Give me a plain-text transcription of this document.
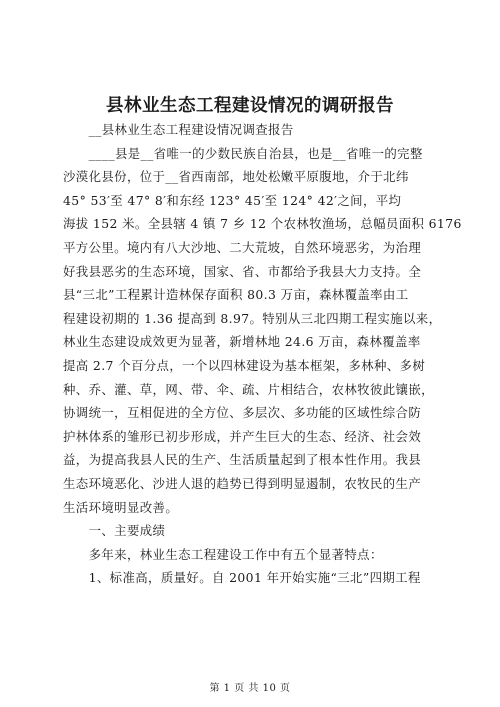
县林业生态工程建设情况的调研报告
　　__县林业生态工程建设情况调查报告
　　____县是__省唯一的少数民族自治县，也是__省唯一的完整
沙漠化县份，位于__省西南部，地处松嫩平原腹地，介于北纬
45° 53′至 47° 8′和东经 123° 45′至 124° 42′之间，平均
海拔 152 米。全县辖 4 镇 7 乡 12 个农林牧渔场，总幅员面积 6176
平方公里。境内有八大沙地、二大荒坡，自然环境恶劣，为治理
好我县恶劣的生态环境，国家、省、市都给予我县大力支持。全
县“三北”工程累计造林保存面积 80.3 万亩，森林覆盖率由工
程建设初期的 1.36 提高到 8.97。特别从三北四期工程实施以来，
林业生态建设成效更为显著，新增林地 24.6 万亩，森林覆盖率
提高 2.7 个百分点，一个以四林建设为基本框架，多林种、多树
种、乔、灌、草，网、带、伞、疏、片相结合，农林牧彼此镶嵌，
协调统一，互相促进的全方位、多层次、多功能的区域性综合防
护林体系的雏形已初步形成，并产生巨大的生态、经济、社会效
益，为提高我县人民的生产、生活质量起到了根本性作用。我县
生态环境恶化、沙进人退的趋势已得到明显遏制，农牧民的生产
生活环境明显改善。
　　一、主要成绩
　　多年来，林业生态工程建设工作中有五个显著特点：
　　1、标准高，质量好。自 2001 年开始实施“三北”四期工程
第 1 页 共 10 页
